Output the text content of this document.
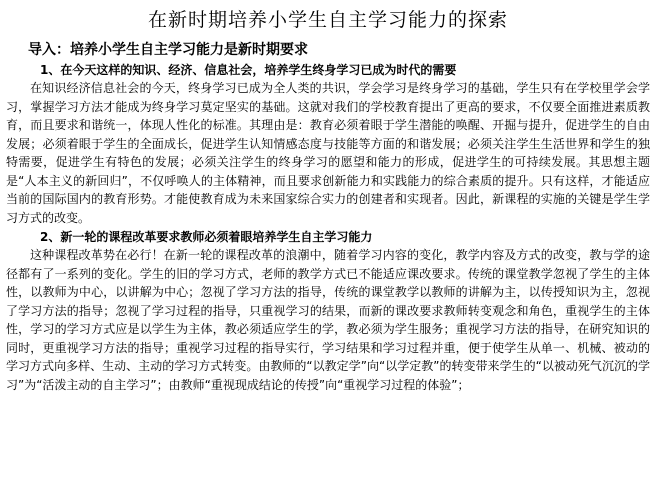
在新时期培养小学生自主学习能力的探索
导入：培养小学生自主学习能力是新时期要求
1、在今天这样的知识、经济、信息社会，培养学生终身学习已成为时代的需要

在知识经济信息社会的今天，终身学习已成为全人类的共识，学会学习是终身学习的基础，学生只有在学校里学会学习，掌握学习方法才能成为终身学习莫定坚实的基础。这就对我们的学校教育提出了更高的要求，不仅要全面推进素质教育，而且要求和谐统一，体现人性化的标准。其理由是：教育必须着眼于学生潜能的唤醒、开掘与提升，促进学生的自由发展；必须着眼于学生的全面成长，促进学生认知情感态度与技能等方面的和谐发展；必须关注学生生活世界和学生的独特需要，促进学生有特色的发展；必须关注学生的终身学习的愿望和能力的形成，促进学生的可持续发展。其思想主题是“人本主义的新回归”，不仅呼唤人的主体精神，而且要求创新能力和实践能力的综合素质的提升。只有这样，才能适应当前的国际国内的教育形势。才能使教育成为未来国家综合实力的创建者和实现者。因此，新课程的实施的关键是学生学习方式的改变。

2、新一轮的课程改革要求教师必须着眼培养学生自主学习能力

这种课程改革势在必行！在新一轮的课程改革的浪潮中，随着学习内容的变化，教学内容及方式的改变，教与学的途径都有了一系列的变化。学生的旧的学习方式，老师的教学方式已不能适应课改要求。传统的课堂教学忽视了学生的主体性，以教师为中心，以讲解为中心；忽视了学习方法的指导，传统的课堂教学以教师的讲解为主，以传授知识为主，忽视了学习方法的指导；忽视了学习过程的指导，只重视学习的结果，而新的课改要求教师转变观念和角色，重视学生的主体性，学习的学习方式应是以学生为主体，教必须适应学生的学，教必须为学生服务；重视学习方法的指导，在研究知识的同时，更重视学习方法的指导；重视学习过程的指导实行，学习结果和学习过程并重，便于使学生从单一、机械、被动的学习方式向多样、生动、主动的学习方式转变。由教师的“以教定学”向“以学定教”的转变带来学生的“以被动死气沉沉的学习”为“活泼主动的自主学习”；由教师“重视现成结论的传授”向“重视学习过程的体验”；
